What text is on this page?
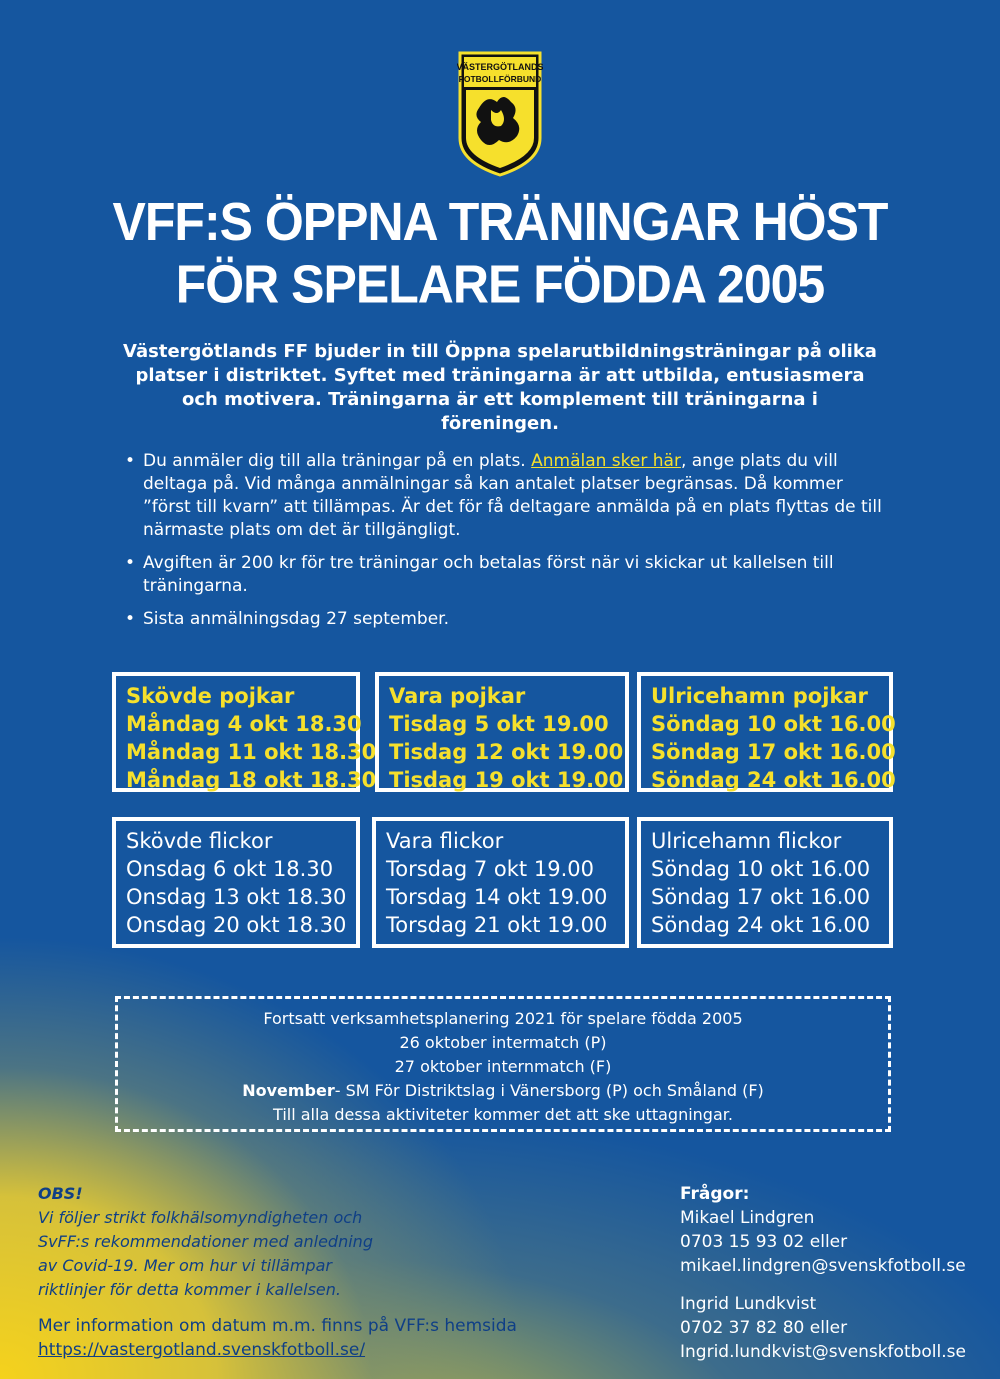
VÄSTERGÖTLANDS
FOTBOLLFÖRBUND
VFF:S ÖPPNA TRÄNINGAR HÖST
FÖR SPELARE FÖDDA 2005
Västergötlands FF bjuder in till Öppna spelarutbildningsträningar på olika platser i distriktet. Syftet med träningarna är att utbilda, entusiasmera och motivera. Träningarna är ett komplement till träningarna i föreningen.
• Du anmäler dig till alla träningar på en plats. Anmälan sker här, ange plats du vill deltaga på. Vid många anmälningar så kan antalet platser begränsas. Då kommer ”först till kvarn” att tillämpas. Är det för få deltagare anmälda på en plats flyttas de till närmaste plats om det är tillgängligt.
• Avgiften är 200 kr för tre träningar och betalas först när vi skickar ut kallelsen till träningarna.
• Sista anmälningsdag 27 september.
Skövde pojkar
Måndag 4 okt 18.30
Måndag 11 okt 18.30
Måndag 18 okt 18.30
Vara pojkar
Tisdag 5 okt 19.00
Tisdag 12 okt 19.00
Tisdag 19 okt 19.00
Ulricehamn pojkar
Söndag 10 okt 16.00
Söndag 17 okt 16.00
Söndag 24 okt 16.00
Skövde flickor
Onsdag 6 okt 18.30
Onsdag 13 okt 18.30
Onsdag 20 okt 18.30
Vara flickor
Torsdag 7 okt 19.00
Torsdag 14 okt 19.00
Torsdag 21 okt 19.00
Ulricehamn flickor
Söndag 10 okt 16.00
Söndag 17 okt 16.00
Söndag 24 okt 16.00
Fortsatt verksamhetsplanering 2021 för spelare födda 2005
26 oktober intermatch (P)
27 oktober internmatch (F)
November- SM För Distriktslag i Vänersborg (P) och Småland (F)
Till alla dessa aktiviteter kommer det att ske uttagningar.
OBS!
Vi följer strikt folkhälsomyndigheten och
SvFF:s rekommendationer med anledning
av Covid-19. Mer om hur vi tillämpar
riktlinjer för detta kommer i kallelsen.
Mer information om datum m.m. finns på VFF:s hemsida
https://vastergotland.svenskfotboll.se/
Frågor:
Mikael Lindgren
0703 15 93 02 eller
mikael.lindgren@svenskfotboll.se
Ingrid Lundkvist
0702 37 82 80 eller
Ingrid.lundkvist@svenskfotboll.se
